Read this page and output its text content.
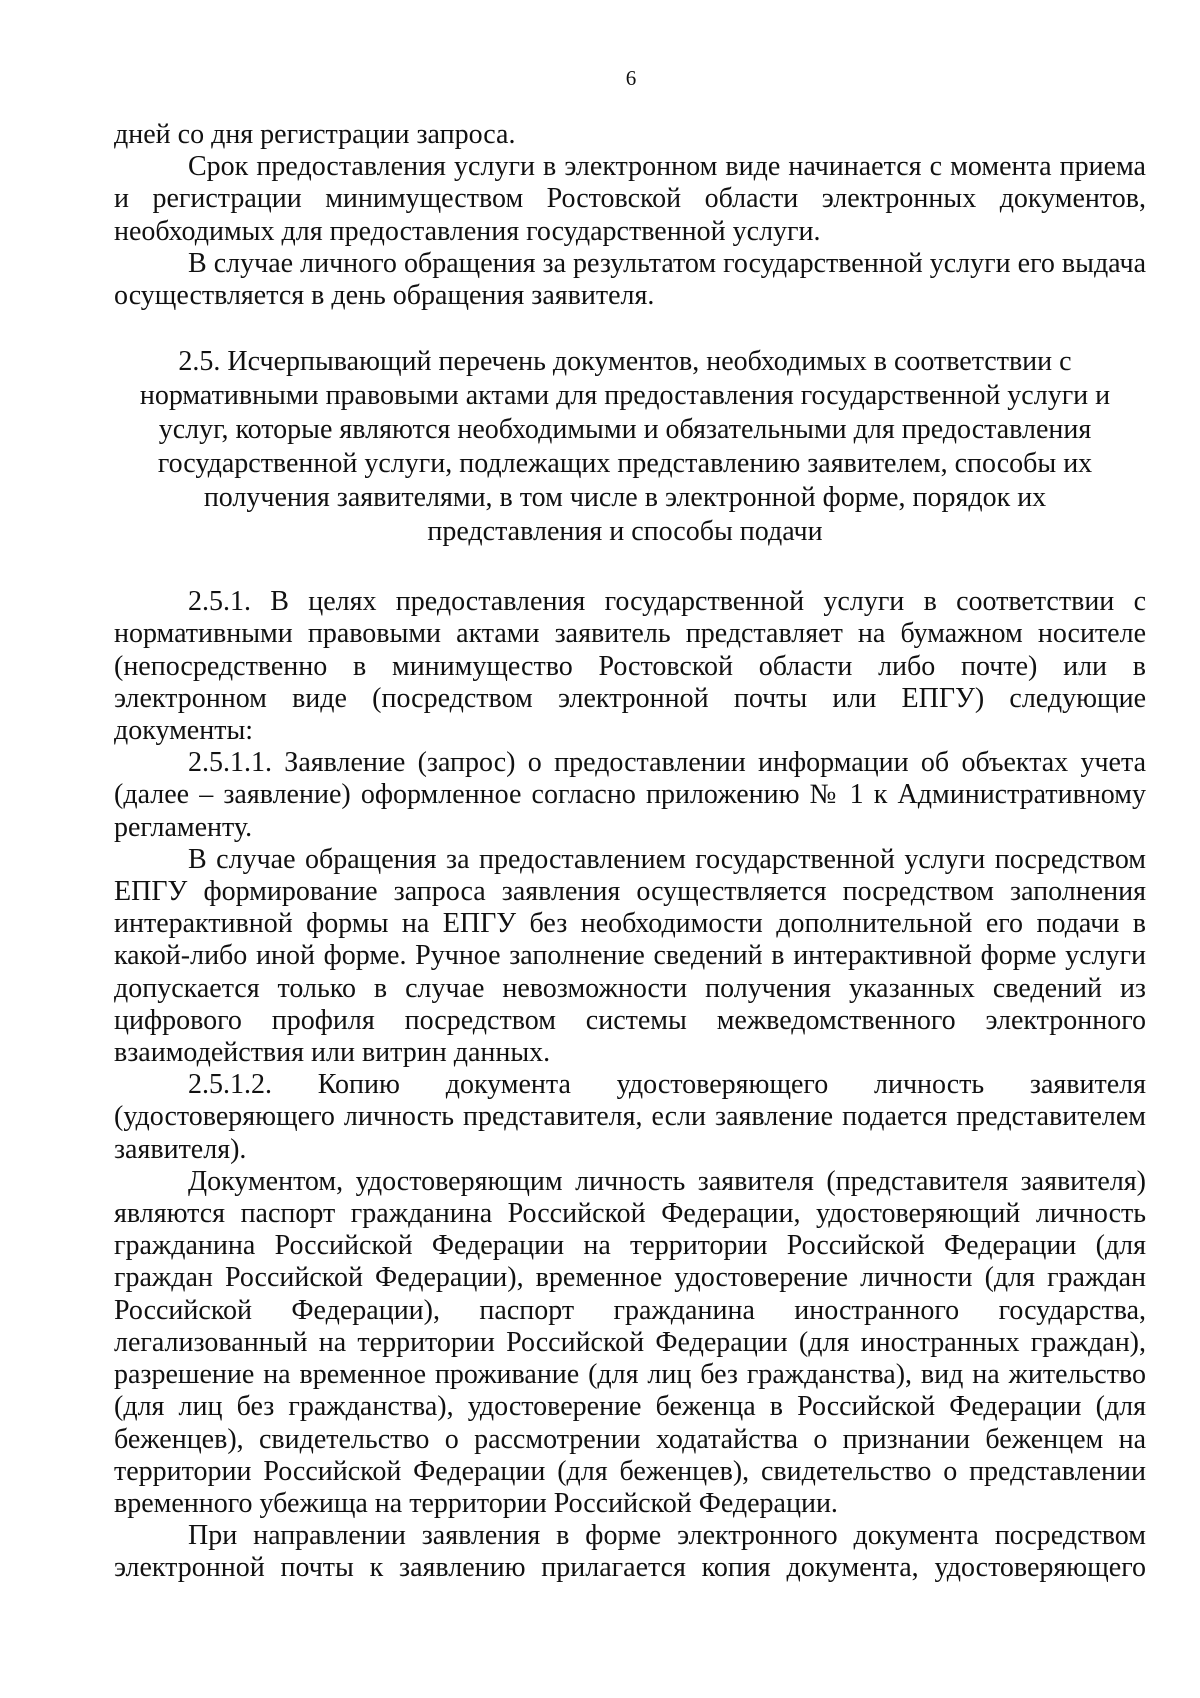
6

дней со дня регистрации запроса.

Срок предоставления услуги в электронном виде начинается с момента приема и регистрации минимуществом Ростовской области электронных документов, необходимых для предоставления государственной услуги.

В случае личного обращения за результатом государственной услуги его выдача осуществляется в день обращения заявителя.

2.5. Исчерпывающий перечень документов, необходимых в соответствии с нормативными правовыми актами для предоставления государственной услуги и услуг, которые являются необходимыми и обязательными для предоставления государственной услуги, подлежащих представлению заявителем, способы их получения заявителями, в том числе в электронной форме, порядок их представления и способы подачи

2.5.1. В целях предоставления государственной услуги в соответствии с нормативными правовыми актами заявитель представляет на бумажном носителе (непосредственно в минимущество Ростовской области либо почте) или в электронном виде (посредством электронной почты или ЕПГУ) следующие документы:

2.5.1.1. Заявление (запрос) о предоставлении информации об объектах учета (далее – заявление) оформленное согласно приложению № 1 к Административному регламенту.

В случае обращения за предоставлением государственной услуги посредством ЕПГУ формирование запроса заявления осуществляется посредством заполнения интерактивной формы на ЕПГУ без необходимости дополнительной его подачи в какой-либо иной форме. Ручное заполнение сведений в интерактивной форме услуги допускается только в случае невозможности получения указанных сведений из цифрового профиля посредством системы межведомственного электронного взаимодействия или витрин данных.

2.5.1.2. Копию документа удостоверяющего личность заявителя (удостоверяющего личность представителя, если заявление подается представителем заявителя).

Документом, удостоверяющим личность заявителя (представителя заявителя) являются паспорт гражданина Российской Федерации, удостоверяющий личность гражданина Российской Федерации на территории Российской Федерации (для граждан Российской Федерации), временное удостоверение личности (для граждан Российской Федерации), паспорт гражданина иностранного государства, легализованный на территории Российской Федерации (для иностранных граждан), разрешение на временное проживание (для лиц без гражданства), вид на жительство (для лиц без гражданства), удостоверение беженца в Российской Федерации (для беженцев), свидетельство о рассмотрении ходатайства о признании беженцем на территории Российской Федерации (для беженцев), свидетельство о представлении временного убежища на территории Российской Федерации.

При направлении заявления в форме электронного документа посредством электронной почты к заявлению прилагается копия документа, удостоверяющего
